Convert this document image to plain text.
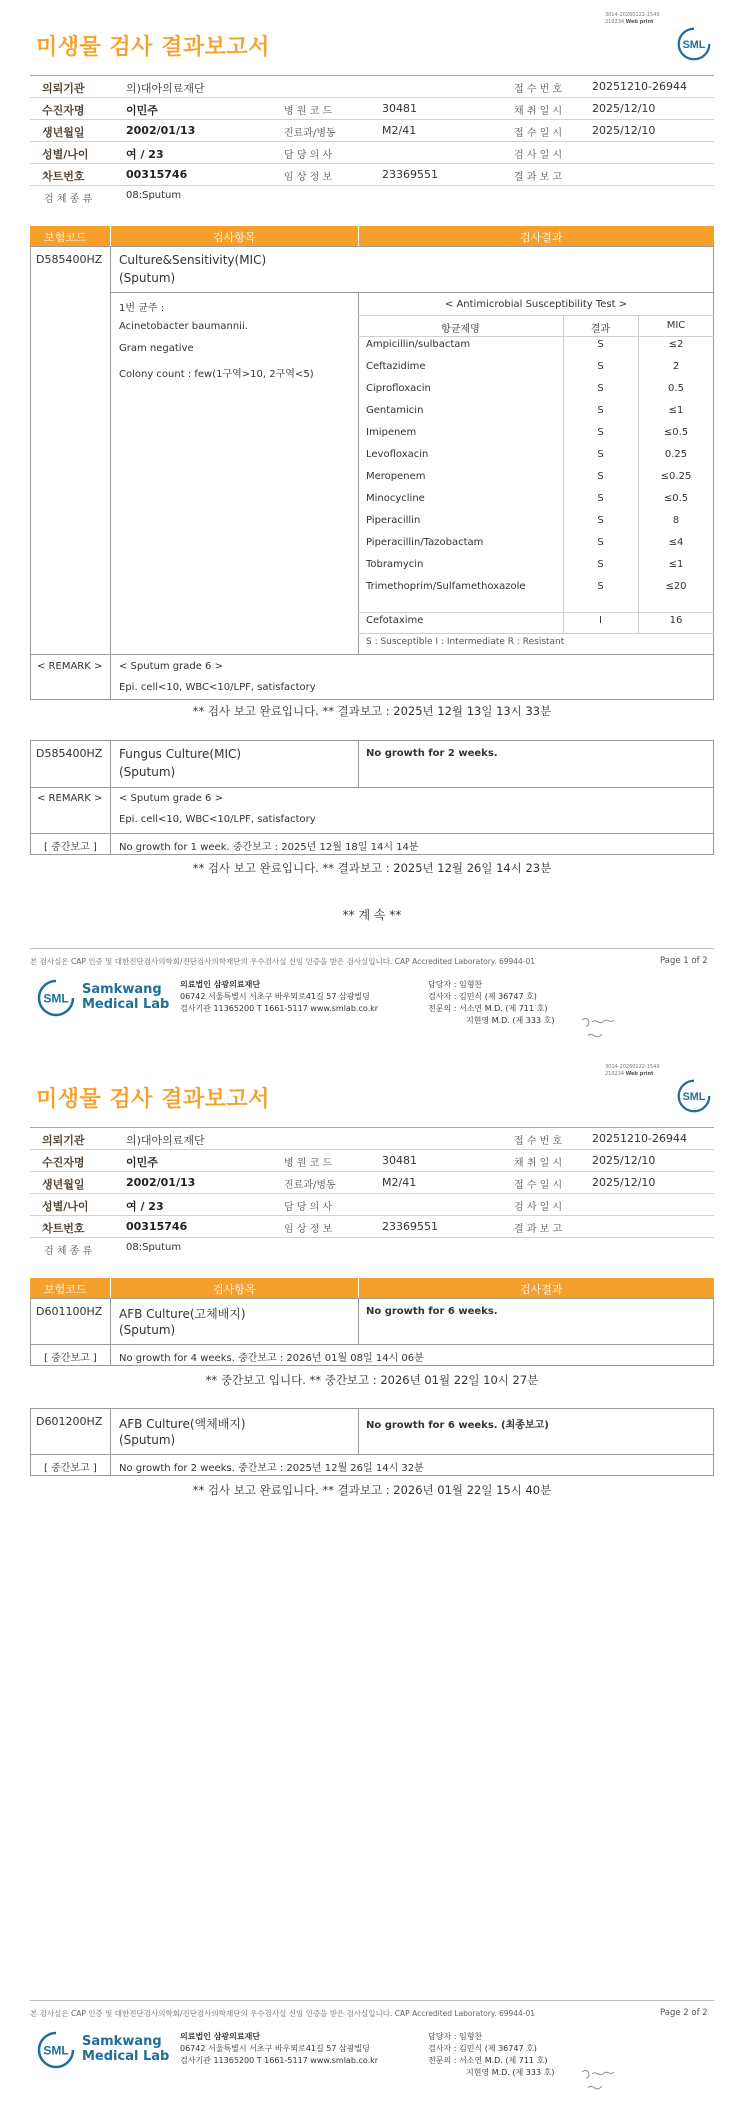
3014-20260122-1549
210234 Web print
미생물 검사 결과보고서	SML
의뢰기관	의)대아의료재단	접 수 번 호	20251210-26944
수진자명	이민주	병 원 코 드	30481	채 취 일 시	2025/12/10
생년월일	2002/01/13	진료과/병동	M2/41	접 수 일 시	2025/12/10
성별/나이	여 / 23	담 당 의 사	검 사 일 시
차트번호	00315746	임 상 정 보	23369551	결 과 보 고
검 체 종 류	08:Sputum
보험코드	검사항목	검사결과
D585400HZ Culture&Sensitivity(MIC)
(Sputum)
1번 균주 :
Acinetobacter baumannii.
Gram negative
Colony count : few(1구역>10, 2구역<5)
< Antimicrobial Susceptibility Test >
항균제명	결과	MIC
Ampicillin/sulbactam	S	≤2
Ceftazidime	S	2
Ciprofloxacin	S	0.5
Gentamicin	S	≤1
Imipenem	S	≤0.5
Levofloxacin	S	0.25
Meropenem	S	≤0.25
Minocycline	S	≤0.5
Piperacillin	S	8
Piperacillin/Tazobactam	S	≤4
Tobramycin	S	≤1
Trimethoprim/Sulfamethoxazole	S	≤20
Cefotaxime	I	16
S : Susceptible I : Intermediate R : Resistant
< REMARK > < Sputum grade 6 >
Epi. cell<10, WBC<10/LPF, satisfactory
** 검사 보고 완료입니다. ** 결과보고 : 2025년 12월 13일 13시 33분
D585400HZ Fungus Culture(MIC)
(Sputum)
No growth for 2 weeks.
< REMARK > < Sputum grade 6 >
Epi. cell<10, WBC<10/LPF, satisfactory
[ 중간보고 ] No growth for 1 week. 중간보고 : 2025년 12월 18일 14시 14분
** 검사 보고 완료입니다. ** 결과보고 : 2025년 12월 26일 14시 23분
** 계 속 **
본 검사실은 CAP 인증 및 대한진단검사의학회/진단검사의학재단의 우수검사실 신임 인증을 받은 검사실입니다. CAP Accredited Laboratory. 69944-01	Page 1 of 2
SML
Samkwang
Medical Lab
의료법인 삼광의료재단
06742 서울특별시 서초구 바우뫼로41길 57 삼광빌딩
검사기관 11365200 T 1661-5117 www.smlab.co.kr
담당자 : 임형찬
검사자 : 김민식 (제 36747 호)
전문의 : 서소연 M.D. (제 711 호)
지현영 M.D. (제 333 호)
3014-20260122-1549
210234 Web print
미생물 검사 결과보고서	SML
의뢰기관	의)대아의료재단	접 수 번 호	20251210-26944
수진자명	이민주	병 원 코 드	30481	채 취 일 시	2025/12/10
생년월일	2002/01/13	진료과/병동	M2/41	접 수 일 시	2025/12/10
성별/나이	여 / 23	담 당 의 사	검 사 일 시
차트번호	00315746	임 상 정 보	23369551	결 과 보 고
검 체 종 류	08:Sputum
보험코드	검사항목	검사결과
D601100HZ AFB Culture(고체배지)
(Sputum)
No growth for 6 weeks.
[ 중간보고 ] No growth for 4 weeks. 중간보고 : 2026년 01월 08일 14시 06분
** 중간보고 입니다. ** 중간보고 : 2026년 01월 22일 10시 27분
D601200HZ AFB Culture(액체배지)
(Sputum)
No growth for 6 weeks. (최종보고)
[ 중간보고 ] No growth for 2 weeks. 중간보고 : 2025년 12월 26일 14시 32분
** 검사 보고 완료입니다. ** 결과보고 : 2026년 01월 22일 15시 40분
본 검사실은 CAP 인증 및 대한진단검사의학회/진단검사의학재단의 우수검사실 신임 인증을 받은 검사실입니다. CAP Accredited Laboratory. 69944-01	Page 2 of 2
SML
Samkwang
Medical Lab
의료법인 삼광의료재단
06742 서울특별시 서초구 바우뫼로41길 57 삼광빌딩
검사기관 11365200 T 1661-5117 www.smlab.co.kr
담당자 : 임형찬
검사자 : 김민식 (제 36747 호)
전문의 : 서소연 M.D. (제 711 호)
지현영 M.D. (제 333 호)
